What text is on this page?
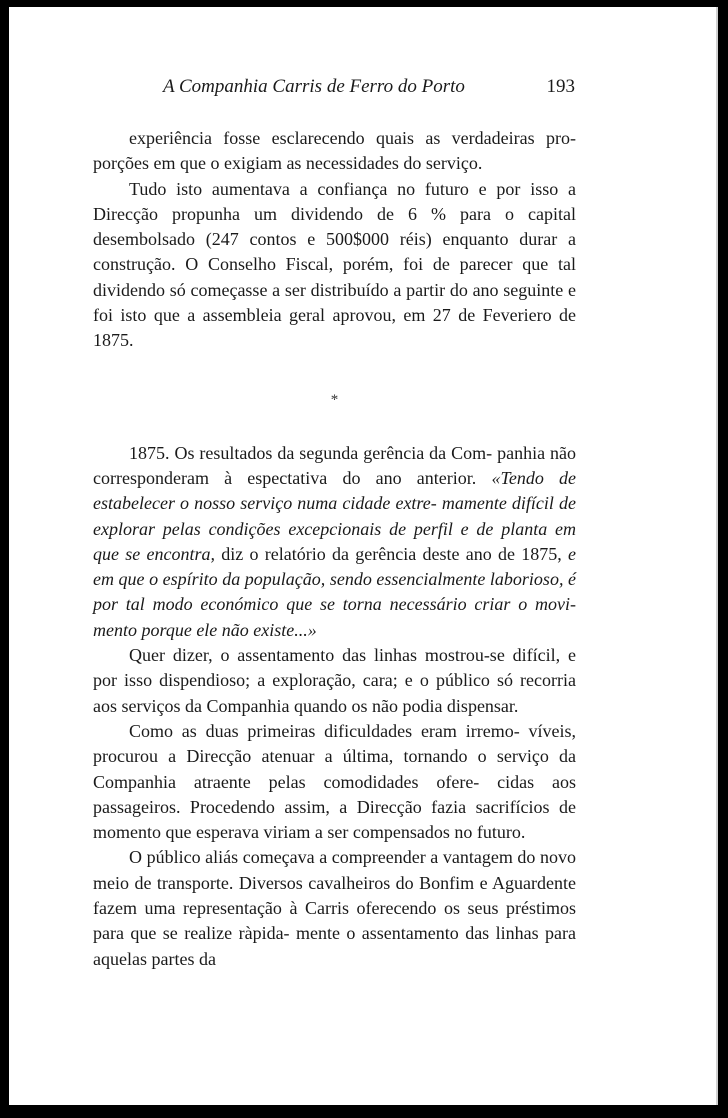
A Companhia Carris de Ferro do Porto	193

experiência fosse esclarecendo quais as verdadeiras pro- porções em que o exigiam as necessidades do serviço.

Tudo isto aumentava a confiança no futuro e por isso a Direcção propunha um dividendo de 6 % para o capital desembolsado (247 contos e 500$000 réis) enquanto durar a construção. O Conselho Fiscal, porém, foi de parecer que tal dividendo só começasse a ser distribuído a partir do ano seguinte e foi isto que a assembleia geral aprovou, em 27 de Feveriero de 1875.

*

1875. Os resultados da segunda gerência da Com- panhia não corresponderam à espectativa do ano anterior. «Tendo de estabelecer o nosso serviço numa cidade extre- mamente difícil de explorar pelas condições excepcionais de perfil e de planta em que se encontra, diz o relatório da gerência deste ano de 1875, e em que o espírito da população, sendo essencialmente laborioso, é por tal modo económico que se torna necessário criar o movi- mento porque ele não existe...»

Quer dizer, o assentamento das linhas mostrou-se difícil, e por isso dispendioso; a exploração, cara; e o público só recorria aos serviços da Companhia quando os não podia dispensar.

Como as duas primeiras dificuldades eram irremo- víveis, procurou a Direcção atenuar a última, tornando o serviço da Companhia atraente pelas comodidades ofere- cidas aos passageiros. Procedendo assim, a Direcção fazia sacrifícios de momento que esperava viriam a ser compensados no futuro.

O público aliás começava a compreender a vantagem do novo meio de transporte. Diversos cavalheiros do Bonfim e Aguardente fazem uma representação à Carris oferecendo os seus préstimos para que se realize ràpida- mente o assentamento das linhas para aquelas partes da
